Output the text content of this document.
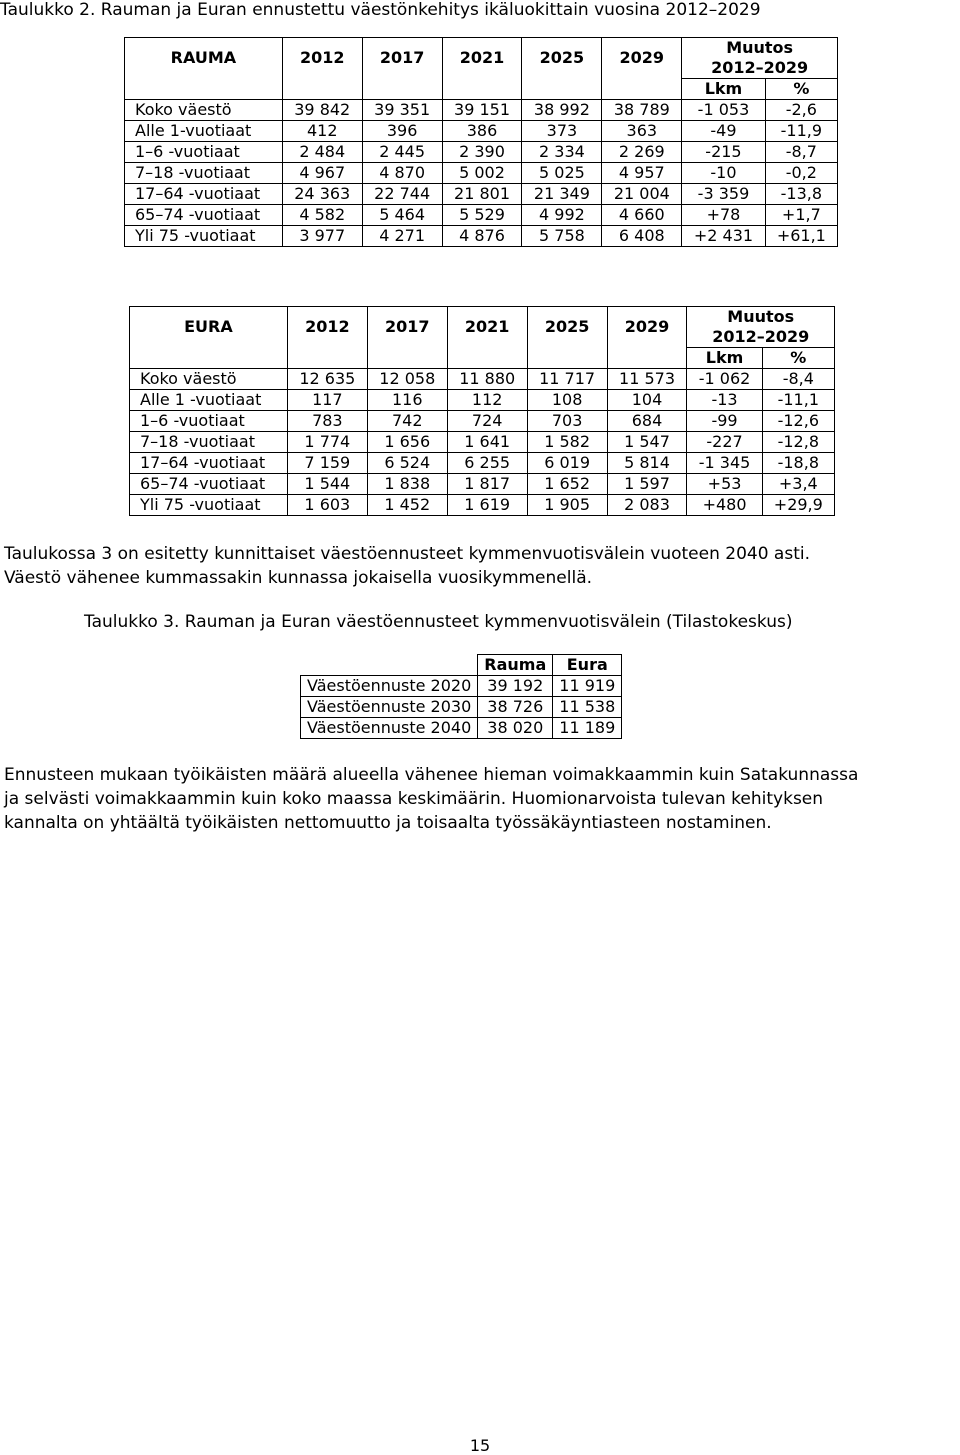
Taulukko 2. Rauman ja Euran ennustettu väestönkehitys ikäluokittain vuosina 2012–2029
RAUMA	2012	2017	2021	2025	2029	Muutos
2012–2029	
						Lkm	%
Koko väestö	39 842	39 351	39 151	38 992	38 789	-1 053	-2,6
Alle 1-vuotiaat	412	396	386	373	363	-49	-11,9
1–6 -vuotiaat	2 484	2 445	2 390	2 334	2 269	-215	-8,7
7–18 -vuotiaat	4 967	4 870	5 002	5 025	4 957	-10	-0,2
17–64 -vuotiaat	24 363	22 744	21 801	21 349	21 004	-3 359	-13,8
65–74 -vuotiaat	4 582	5 464	5 529	4 992	4 660	+78	+1,7
Yli 75 -vuotiaat	3 977	4 271	4 876	5 758	6 408	+2 431	+61,1
EURA	2012	2017	2021	2025	2029	Muutos
2012–2029	
						Lkm	%
Koko väestö	12 635	12 058	11 880	11 717	11 573	-1 062	-8,4
Alle 1 -vuotiaat	117	116	112	108	104	-13	-11,1
1–6 -vuotiaat	783	742	724	703	684	-99	-12,6
7–18 -vuotiaat	1 774	1 656	1 641	1 582	1 547	-227	-12,8
17–64 -vuotiaat	7 159	6 524	6 255	6 019	5 814	-1 345	-18,8
65–74 -vuotiaat	1 544	1 838	1 817	1 652	1 597	+53	+3,4
Yli 75 -vuotiaat	1 603	1 452	1 619	1 905	2 083	+480	+29,9
Taulukossa 3 on esitetty kunnittaiset väestöennusteet kymmenvuotisvälein vuoteen 2040 asti.
Väestö vähenee kummassakin kunnassa jokaisella vuosikymmenellä.
Taulukko 3. Rauman ja Euran väestöennusteet kymmenvuotisvälein (Tilastokeskus)
	Rauma	Eura
Väestöennuste 2020	39 192	11 919
Väestöennuste 2030	38 726	11 538
Väestöennuste 2040	38 020	11 189
Ennusteen mukaan työikäisten määrä alueella vähenee hieman voimakkaammin kuin Satakunnassa
ja selvästi voimakkaammin kuin koko maassa keskimäärin. Huomionarvoista tulevan kehityksen
kannalta on yhtäältä työikäisten nettomuutto ja toisaalta työssäkäyntiasteen nostaminen.
15
